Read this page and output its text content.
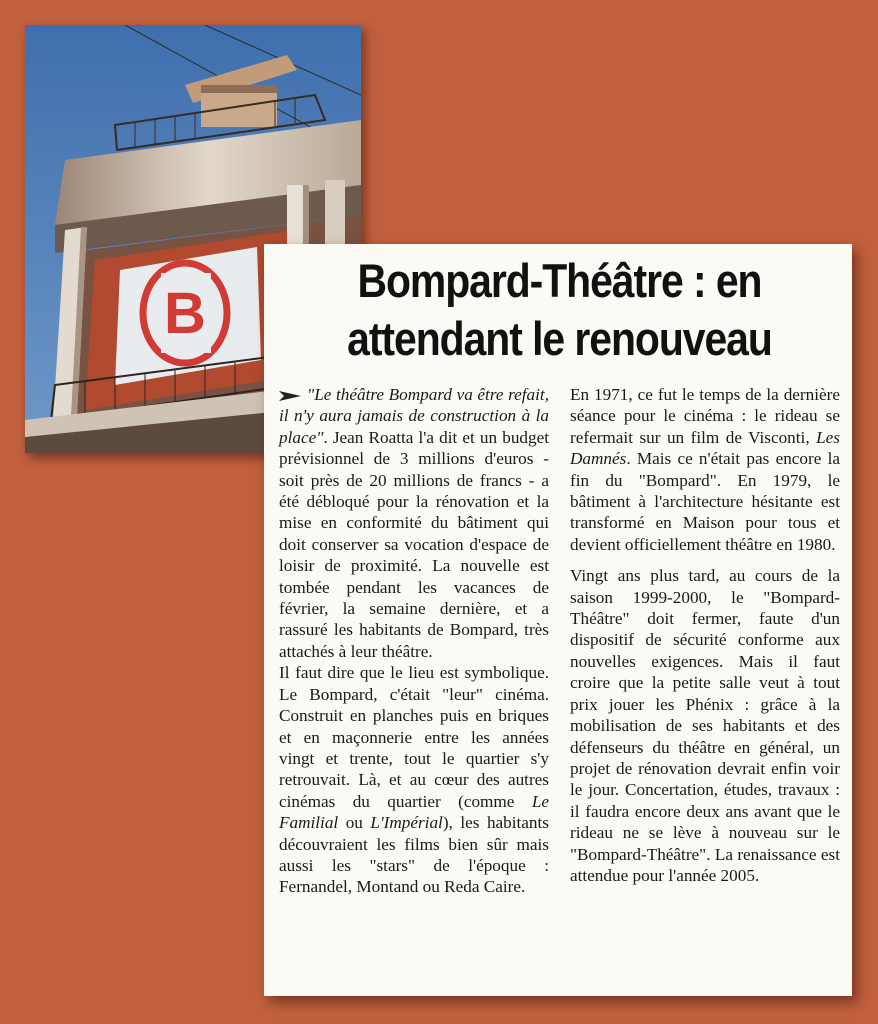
B
Bompard-Théâtre : en
attendant le renouveau

"Le théâtre Bompard va être refait, il n'y aura jamais de construction à la place". Jean Roatta l'a dit et un budget prévisionnel de 3 millions d'euros - soit près de 20 millions de francs - a été débloqué pour la rénovation et la mise en conformité du bâtiment qui doit conserver sa vocation d'espace de loisir de proximité. La nouvelle est tombée pendant les vacances de février, la semaine dernière, et a rassuré les habitants de Bompard, très attachés à leur théâtre.

Il faut dire que le lieu est symbolique. Le Bompard, c'était "leur" cinéma. Construit en planches puis en briques et en maçonnerie entre les années vingt et trente, tout le quartier s'y retrouvait. Là, et au cœur des autres cinémas du quartier (comme Le Familial ou L'Impérial), les habitants découvraient les films bien sûr mais aussi les "stars" de l'époque : Fernandel, Montand ou Reda Caire.

En 1971, ce fut le temps de la dernière séance pour le cinéma : le rideau se refermait sur un film de Visconti, Les Damnés. Mais ce n'était pas encore la fin du "Bompard". En 1979, le bâtiment à l'architecture hésitante est transformé en Maison pour tous et devient officiellement théâtre en 1980.

Vingt ans plus tard, au cours de la saison 1999-2000, le "Bompard-Théâtre" doit fermer, faute d'un dispositif de sécurité conforme aux nouvelles exigences. Mais il faut croire que la petite salle veut à tout prix jouer les Phénix : grâce à la mobilisation de ses habitants et des défenseurs du théâtre en général, un projet de rénovation devrait enfin voir le jour. Concertation, études, travaux : il faudra encore deux ans avant que le rideau ne se lève à nouveau sur le "Bompard-Théâtre". La renaissance est attendue pour l'année 2005.
